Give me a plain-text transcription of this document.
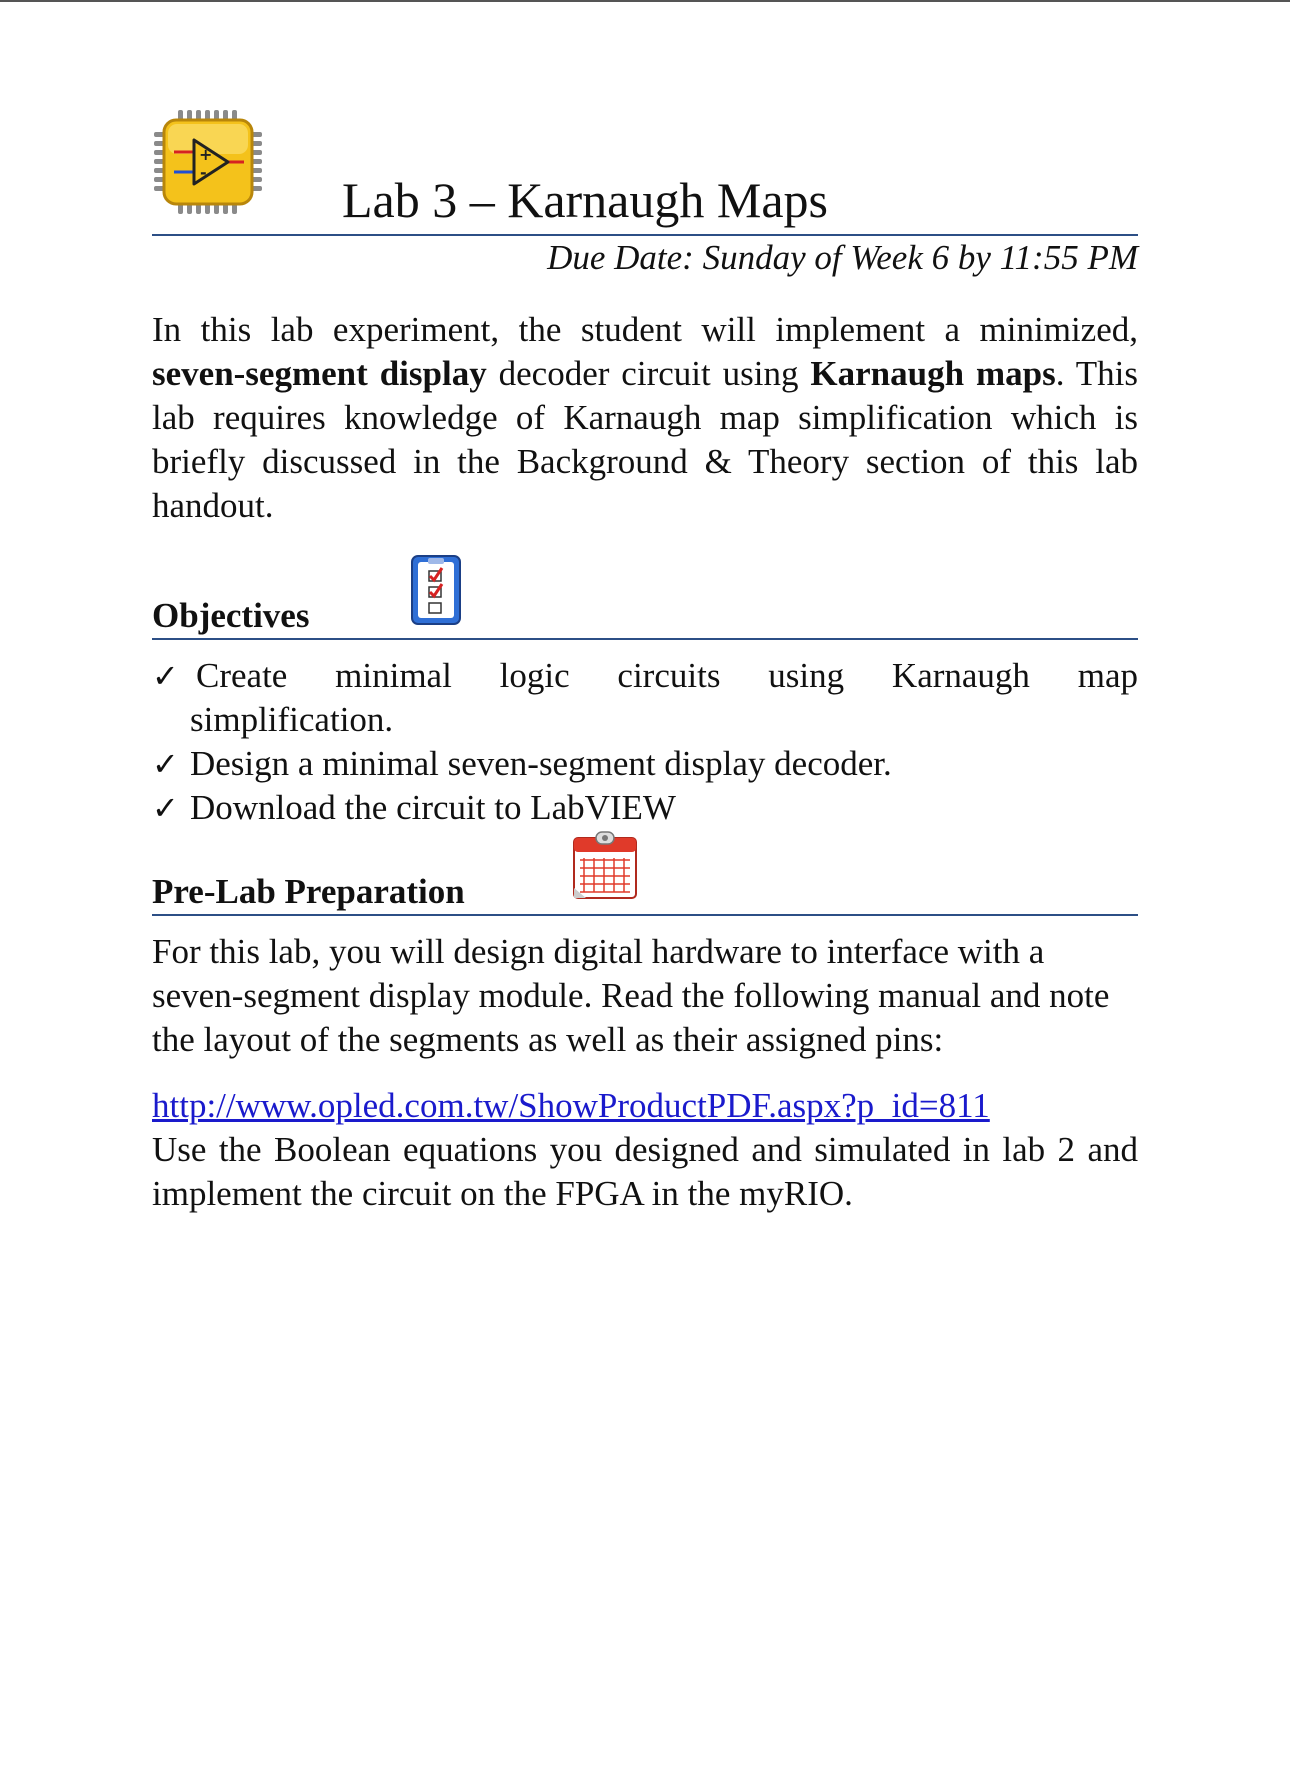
+
-	Lab 3 – Karnaugh Maps
Due Date: Sunday of Week 6 by 11:55 PM

In this lab experiment, the student will implement a minimized, seven-segment display decoder circuit using Karnaugh maps. This lab requires knowledge of Karnaugh map simplification which is briefly discussed in the Background & Theory section of this lab handout.

Objectives
✓ Create minimal logic circuits using Karnaugh map
simplification.
✓ Design a minimal seven-segment display decoder.
✓ Download the circuit to LabVIEW
Pre-Lab Preparation

For this lab, you will design digital hardware to interface with a seven-segment display module. Read the following manual and note the layout of the segments as well as their assigned pins:

http://www.opled.com.tw/ShowProductPDF.aspx?p_id=811

Use the Boolean equations you designed and simulated in lab 2 and implement the circuit on the FPGA in the myRIO.
